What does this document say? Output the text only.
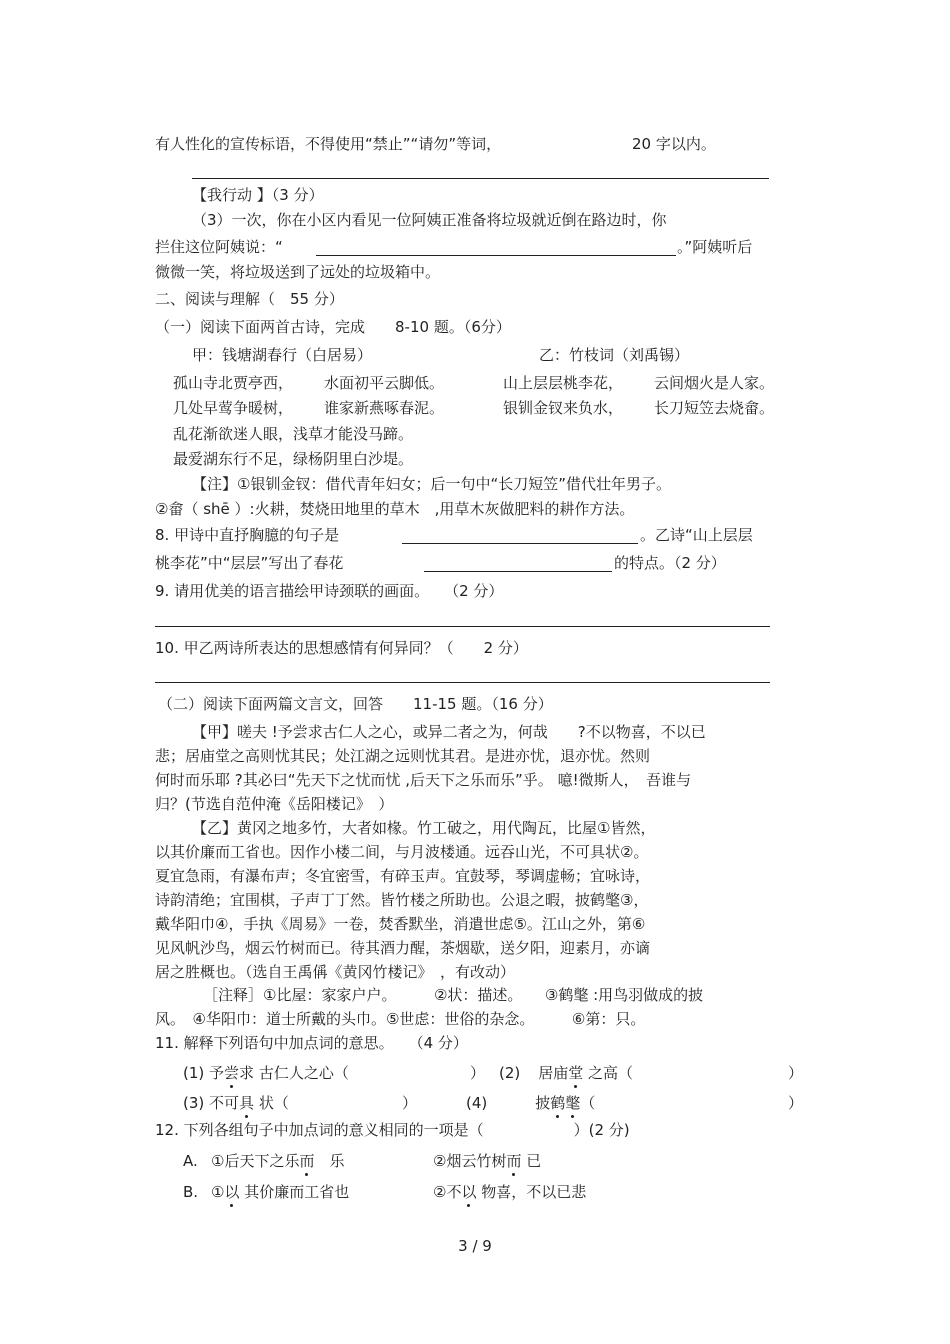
有人性化的宣传标语，不得使用“禁止”“请勿”等词，	20 字以内。
【我行动 】（3 分）
（3）一次，你在小区内看见一位阿姨正准备将垃圾就近倒在路边时，你
拦住这位阿姨说：“	。”阿姨听后
微微一笑，将垃圾送到了远处的垃圾箱中。
二、阅读与理解（　55 分）
（一）阅读下面两首古诗，完成　　8-10 题。（6分）
甲：钱塘湖春行（白居易）	乙：竹枝词（刘禹锡）
孤山寺北贾亭西， 水面初平云脚低。	山上层层桃李花， 云间烟火是人家。
几处早莺争暖树， 谁家新燕啄春泥。	银钏金钗来负水， 长刀短笠去烧畲。
乱花渐欲迷人眼，浅草才能没马蹄。
最爱湖东行不足，绿杨阴里白沙堤。
【注】①银钏金钗：借代青年妇女；后一句中“长刀短笠”借代壮年男子。
②畲（ shē ）:火耕，焚烧田地里的草木　,用草木灰做肥料的耕作方法。
8. 甲诗中直抒胸臆的句子是	。乙诗“山上层层
桃李花”中“层层”写出了春花	的特点。（2 分）
9. 请用优美的语言描绘甲诗颈联的画面。　　（2 分）
10. 甲乙两诗所表达的思想感情有何异同？（　　2 分）
（二）阅读下面两篇文言文，回答　　11-15 题。（16 分）
【甲】嗟夫 !予尝求古仁人之心，或异二者之为，何哉　　?不以物喜，不以已
悲；居庙堂之高则忧其民；处江湖之远则忧其君。是进亦忧，退亦忧。然则
何时而乐耶 ?其必曰“先天下之忧而忧 ,后天下之乐而乐”乎。 噫!微斯人，　吾谁与
归？(节选自范仲淹《岳阳楼记》　）
【乙】黄冈之地多竹，大者如椽。竹工破之，用代陶瓦，比屋①皆然，
以其价廉而工省也。因作小楼二间，与月波楼通。远吞山光，不可具状②。
夏宜急雨，有瀑布声；冬宜密雪，有碎玉声。宜鼓琴，琴调虚畅；宜咏诗，
诗韵清绝；宜围棋，子声丁丁然。皆竹楼之所助也。公退之暇，披鹤氅③，
戴华阳巾④，手执《周易》一卷，焚香默坐，消遣世虑⑤。江山之外，第⑥
见风帆沙鸟，烟云竹树而已。待其酒力醒，茶烟歇，送夕阳，迎素月，亦谪
居之胜概也。（选自王禹偁《黄冈竹楼记》　，有改动）
［注释］①比屋：家家户户。　　　②状：描述。　　③鹤氅 :用鸟羽做成的披
风。　④华阳巾：道士所戴的头巾。⑤世虑：世俗的杂念。　　　⑥第：只。
11. 解释下列语句中加点词的意思。　　（4 分）
(1) 予尝求 古仁人之心（	） (2) 居庙堂 之高（	）
(3) 不可具 状（	）	(4)	披鹤氅（	）
12. 下列各组句子中加点词的意义相同的一项是（　　　　　　）(2 分)
A. ①后天下之乐而　乐	②烟云竹树而 已
B. ①以 其价廉而工省也	②不以 物喜，不以已悲
3 / 9
